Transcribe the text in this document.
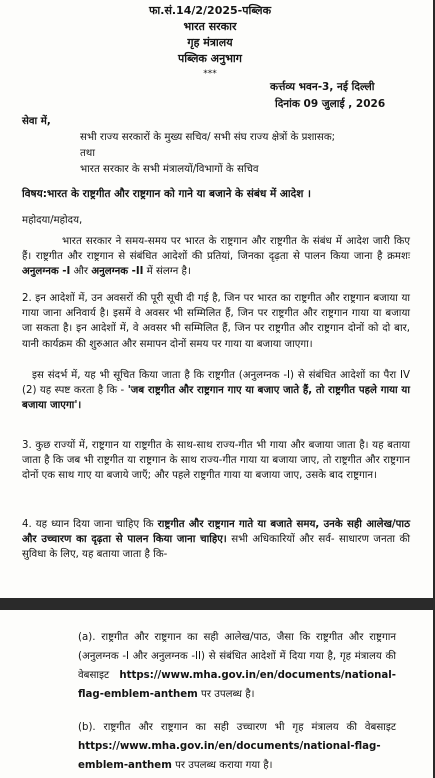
फा.सं.14/2/2025-पब्लिक
भारत सरकार
गृह मंत्रालय
पब्लिक अनुभाग
***
कर्त्तव्य भवन-3, नई दिल्ली
दिनांक 09 जुलाई , 2026
सेवा में,
सभी राज्य सरकारों के मुख्य सचिव/ सभी संघ राज्य क्षेत्रों के प्रशासक;
तथा
भारत सरकार के सभी मंत्रालयों/विभागों के सचिव
विषय:भारत के राष्ट्रगीत और राष्ट्रगान को गाने या बजाने के संबंध में आदेश ।
महोदया/महोदय,
भारत सरकार ने समय-समय पर भारत के राष्ट्रगान और राष्ट्रगीत के संबंध में आदेश जारी किए हैं। राष्ट्रगीत और राष्ट्रगान से संबंधित आदेशों की प्रतियां, जिनका दृढ़ता से पालन किया जाना है क्रमशः अनुलग्नक -I और अनुलग्नक -II में संलग्न है।
2. इन आदेशों में, उन अवसरों की पूरी सूची दी गई है, जिन पर भारत का राष्ट्रगीत और राष्ट्रगान बजाया या गाया जाना अनिवार्य है। इसमें वे अवसर भी सम्मिलित हैं, जिन पर राष्ट्रगीत और राष्ट्रगान गाया या बजाया जा सकता है। इन आदेशों में, वे अवसर भी सम्मिलित हैं, जिन पर राष्ट्रगीत और राष्ट्रगान दोनों को दो बार, यानी कार्यक्रम की शुरुआत और समापन दोनों समय पर गाया या बजाया जाएगा।
इस संदर्भ में, यह भी सूचित किया जाता है कि राष्ट्रगीत (अनुलग्नक -I) से संबंधित आदेशों का पैरा IV (2) यह स्पष्ट करता है कि - 'जब राष्ट्रगीत और राष्ट्रगान गाए या बजाए जाते हैं, तो राष्ट्रगीत पहले गाया या बजाया जाएगा'।
3. कुछ राज्यों में, राष्ट्रगान या राष्ट्रगीत के साथ-साथ राज्य-गीत भी गाया और बजाया जाता है। यह बताया जाता है कि जब भी राष्ट्रगीत या राष्ट्रगान के साथ राज्य-गीत गाया या बजाया जाए, तो राष्ट्रगीत और राष्ट्रगान दोनों एक साथ गाए या बजाये जाएँ; और पहले राष्ट्रगीत गाया या बजाया जाए, उसके बाद राष्ट्रगान।
4. यह ध्यान दिया जाना चाहिए कि राष्ट्रगीत और राष्ट्रगान गाते या बजाते समय, उनके सही आलेख/पाठ और उच्चारण का दृढ़ता से पालन किया जाना चाहिए। सभी अधिकारियों और सर्व- साधारण जनता की सुविधा के लिए, यह बताया जाता है कि-
(a). राष्ट्रगीत और राष्ट्रगान का सही आलेख/पाठ, जैसा कि राष्ट्रगीत और राष्ट्रगान (अनुलग्नक -I और अनुलग्नक -II) से संबंधित आदेशों में दिया गया है, गृह मंत्रालय की वेबसाइट https://www.mha.gov.in/en/documents/national-flag-emblem-anthem पर उपलब्ध है।
(b). राष्ट्रगीत और राष्ट्रगान का सही उच्चारण भी गृह मंत्रालय की वेबसाइट https://www.mha.gov.in/en/documents/national-flag-emblem-anthem पर उपलब्ध कराया गया है।
